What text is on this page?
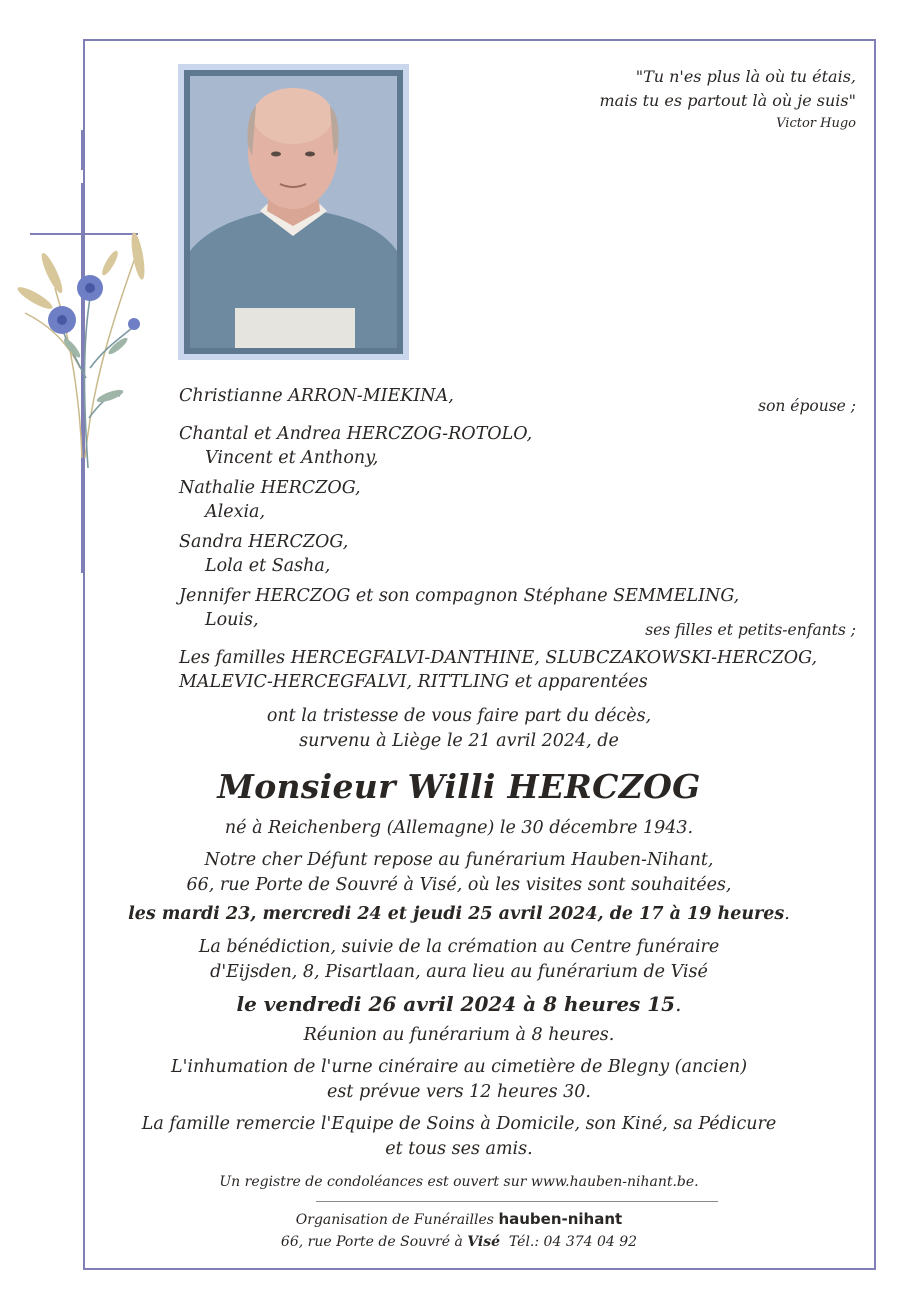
"Tu n'es plus là où tu étais,
mais tu es partout là où je suis"
Victor Hugo
Christianne ARRON-MIEKINA,	son épouse ;
Chantal et Andrea HERCZOG-ROTOLO,
Vincent et Anthony,
Nathalie HERCZOG,
Alexia,
Sandra HERCZOG,
Lola et Sasha,
Jennifer HERCZOG et son compagnon Stéphane SEMMELING,
Louis,	ses filles et petits-enfants ;
Les familles HERCEGFALVI-DANTHINE, SLUBCZAKOWSKI-HERCZOG,
MALEVIC-HERCEGFALVI, RITTLING et apparentées
ont la tristesse de vous faire part du décès,
survenu à Liège le 21 avril 2024, de
Monsieur Willi HERCZOG
né à Reichenberg (Allemagne) le 30 décembre 1943.
Notre cher Défunt repose au funérarium Hauben-Nihant,
66, rue Porte de Souvré à Visé, où les visites sont souhaitées,
les mardi 23, mercredi 24 et jeudi 25 avril 2024, de 17 à 19 heures.
La bénédiction, suivie de la crémation au Centre funéraire
d'Eijsden, 8, Pisartlaan, aura lieu au funérarium de Visé
le vendredi 26 avril 2024 à 8 heures 15.
Réunion au funérarium à 8 heures.
L'inhumation de l'urne cinéraire au cimetière de Blegny (ancien)
est prévue vers 12 heures 30.
La famille remercie l'Equipe de Soins à Domicile, son Kiné, sa Pédicure
et tous ses amis.
Un registre de condoléances est ouvert sur www.hauben-nihant.be.
Organisation de Funérailles hauben-nihant
66, rue Porte de Souvré à Visé Tél.: 04 374 04 92
